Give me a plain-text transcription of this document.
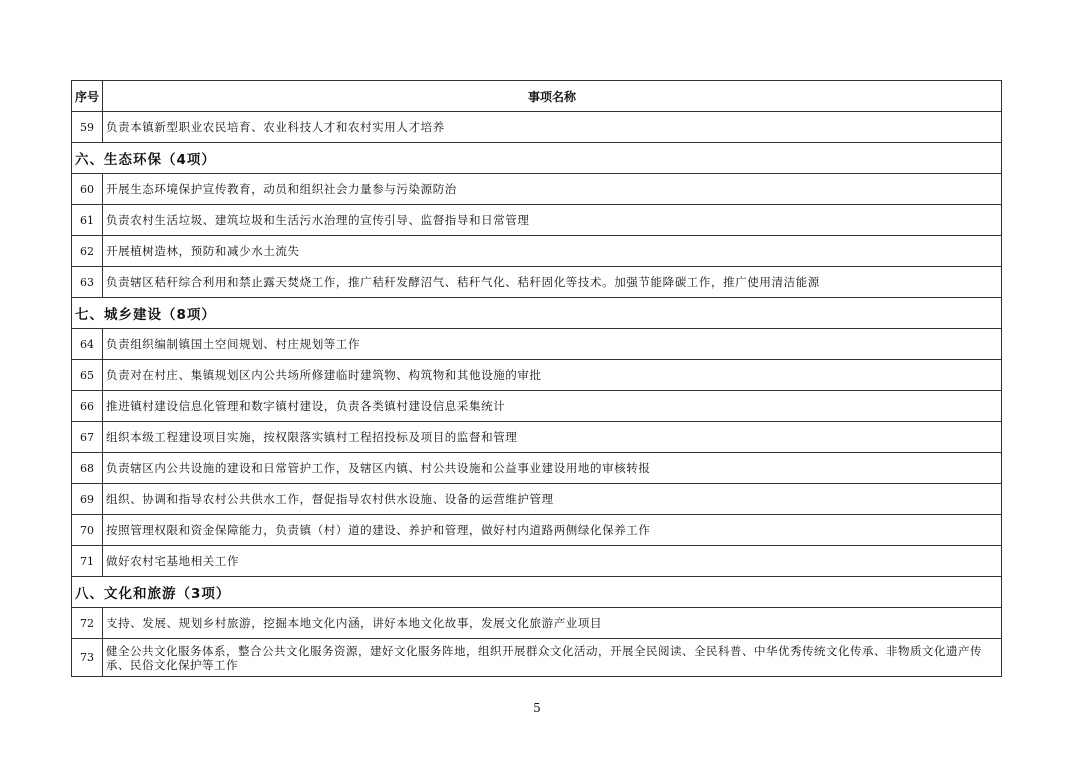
序号	事项名称
59	负责本镇新型职业农民培育、农业科技人才和农村实用人才培养
六、生态环保（4项）	
60	开展生态环境保护宣传教育，动员和组织社会力量参与污染源防治
61	负责农村生活垃圾、建筑垃圾和生活污水治理的宣传引导、监督指导和日常管理
62	开展植树造林，预防和减少水土流失
63	负责辖区秸秆综合利用和禁止露天焚烧工作，推广秸秆发酵沼气、秸秆气化、秸秆固化等技术。加强节能降碳工作，推广使用清洁能源
七、城乡建设（8项）	
64	负责组织编制镇国土空间规划、村庄规划等工作
65	负责对在村庄、集镇规划区内公共场所修建临时建筑物、构筑物和其他设施的审批
66	推进镇村建设信息化管理和数字镇村建设，负责各类镇村建设信息采集统计
67	组织本级工程建设项目实施，按权限落实镇村工程招投标及项目的监督和管理
68	负责辖区内公共设施的建设和日常管护工作，及辖区内镇、村公共设施和公益事业建设用地的审核转报
69	组织、协调和指导农村公共供水工作，督促指导农村供水设施、设备的运营维护管理
70	按照管理权限和资金保障能力，负责镇（村）道的建设、养护和管理，做好村内道路两侧绿化保养工作
71	做好农村宅基地相关工作
八、文化和旅游（3项）	
72	支持、发展、规划乡村旅游，挖掘本地文化内涵，讲好本地文化故事，发展文化旅游产业项目
73	健全公共文化服务体系，整合公共文化服务资源，建好文化服务阵地，组织开展群众文化活动，开展全民阅读、全民科普、中华优秀传统文化传承、非物质文化遗产传承、民俗文化保护等工作
5
